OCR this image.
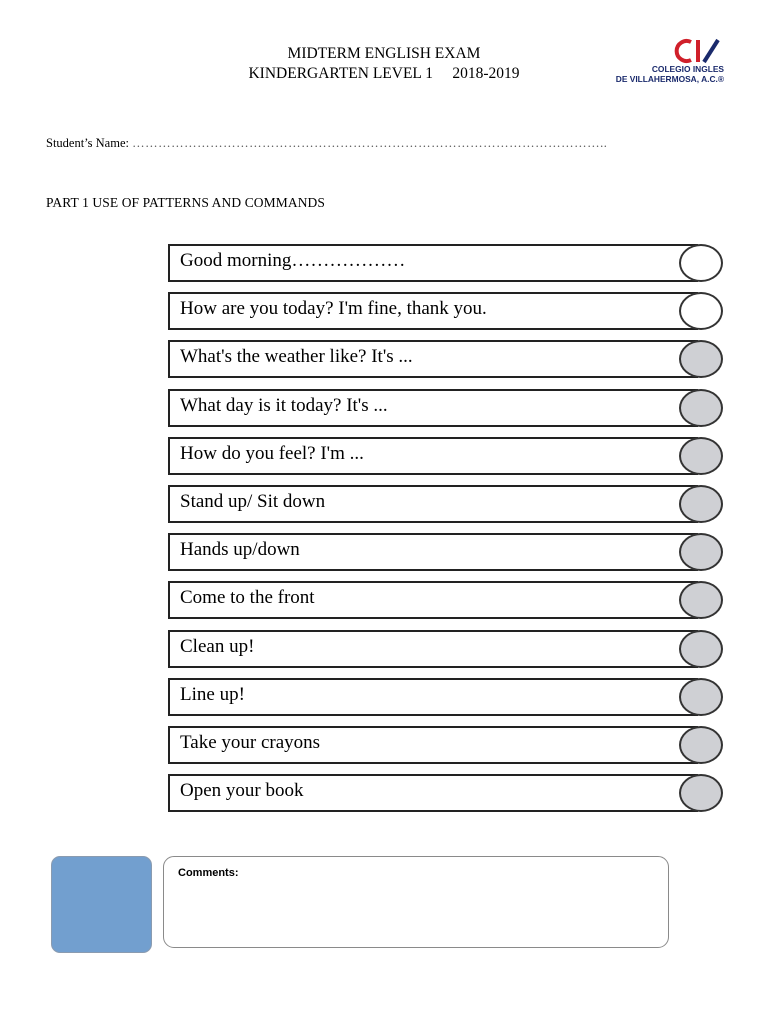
MIDTERM ENGLISH EXAM
KINDERGARTEN LEVEL 1     2018-2019	COLEGIO INGLES
DE VILLAHERMOSA, A.C.®
Student’s Name: ………………………………………………………………………………………………..
PART 1 USE OF PATTERNS AND COMMANDS
Good morning………………
How are you today? I'm fine, thank you.
What's the weather like? It's ...
What day is it today? It's ...
How do you feel? I'm ...
Stand up/ Sit down
Hands up/down
Come to the front
Clean up!
Line up!
Take your crayons
Open your book
Comments:
